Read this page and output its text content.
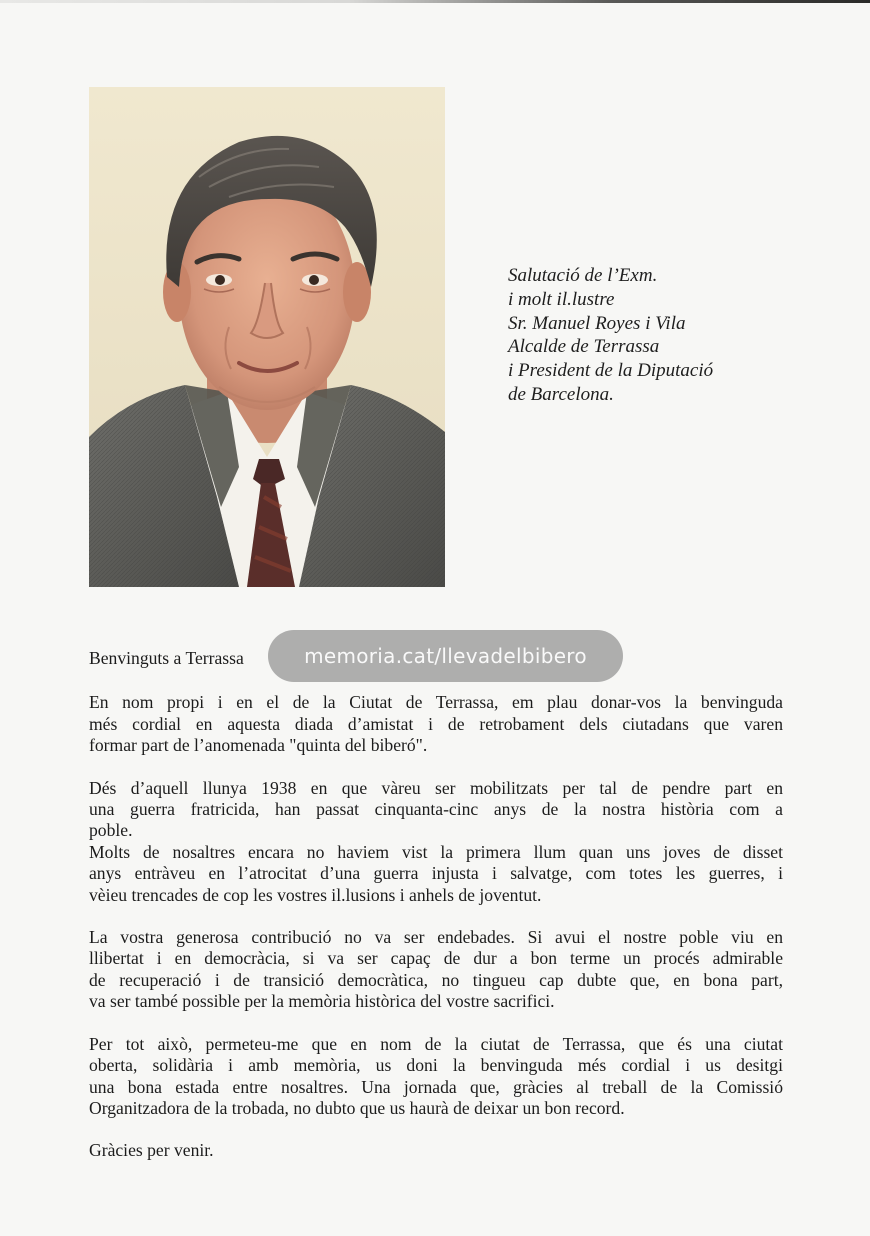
Salutació de l’Exm.
i molt il.lustre
Sr. Manuel Royes i Vila
Alcalde de Terrassa
i President de la Diputació
de Barcelona.
Benvinguts a Terrassa
En nom propi i en el de la Ciutat de Terrassa, em plau donar-vos la benvinguda
més cordial en aquesta diada d’amistat i de retrobament dels ciutadans que varen
formar part de l’anomenada "quinta del biberó".
Dés d’aquell llunya 1938 en que vàreu ser mobilitzats per tal de pendre part en
una guerra fratricida, han passat cinquanta-cinc anys de la nostra història com a
poble.
Molts de nosaltres encara no haviem vist la primera llum quan uns joves de disset
anys entràveu en l’atrocitat d’una guerra injusta i salvatge, com totes les guerres, i
vèieu trencades de cop les vostres il.lusions i anhels de joventut.
La vostra generosa contribució no va ser endebades. Si avui el nostre poble viu en
llibertat i en democràcia, si va ser capaç de dur a bon terme un procés admirable
de recuperació i de transició democràtica, no tingueu cap dubte que, en bona part,
va ser també possible per la memòria històrica del vostre sacrifici.
Per tot això, permeteu-me que en nom de la ciutat de Terrassa, que és una ciutat
oberta, solidària i amb memòria, us doni la benvinguda més cordial i us desitgi
una bona estada entre nosaltres. Una jornada que, gràcies al treball de la Comissió
Organitzadora de la trobada, no dubto que us haurà de deixar un bon record.
Gràcies per venir.
memoria.cat/llevadelbibero
